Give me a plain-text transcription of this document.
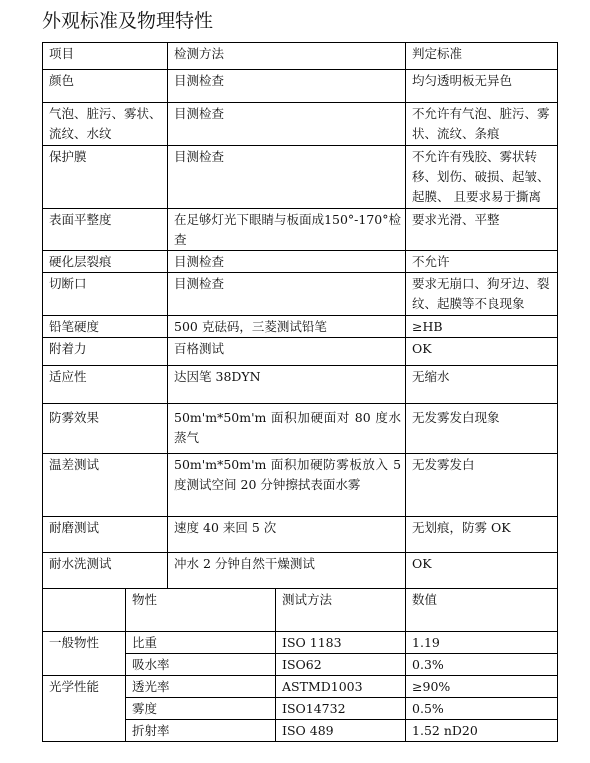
外观标准及物理特性
项目		检测方法		判定标准
颜色		目测检查		均匀透明板无异色
气泡、脏污、雾状、流纹、水纹		目测检查		不允许有气泡、脏污、雾状、流纹、条痕
保护膜		目测检查		不允许有残胶、雾状转移、划伤、破损、起皱、起膜、 且要求易于撕离
表面平整度		在足够灯光下眼睛与板面成150°-170°检查		要求光滑、平整
硬化层裂痕		目测检查		不允许
切断口		目测检查		要求无崩口、狗牙边、裂纹、起膜等不良现象
铅笔硬度		500 克砝码，三菱测试铅笔		≥HB
附着力		百格测试		OK
适应性		达因笔 38DYN		无缩水
防雾效果		50m'm*50m'm 面积加硬面对 80 度水蒸气		无发雾发白现象
温差测试		50m'm*50m'm 面积加硬防雾板放入 5 度测试空间 20 分钟擦拭表面水雾		无发雾发白
耐磨测试		速度 40 来回 5 次		无划痕，防雾 OK
耐水洗测试		冲水 2 分钟自然干燥测试		OK
	物性		测试方法	数值
一般物性	比重		ISO 1183	1.19
	吸水率		ISO62	0.3%
光学性能	透光率		ASTMD1003	≥90%
	雾度		ISO14732	0.5%
	折射率		ISO 489	1.52 nD20
